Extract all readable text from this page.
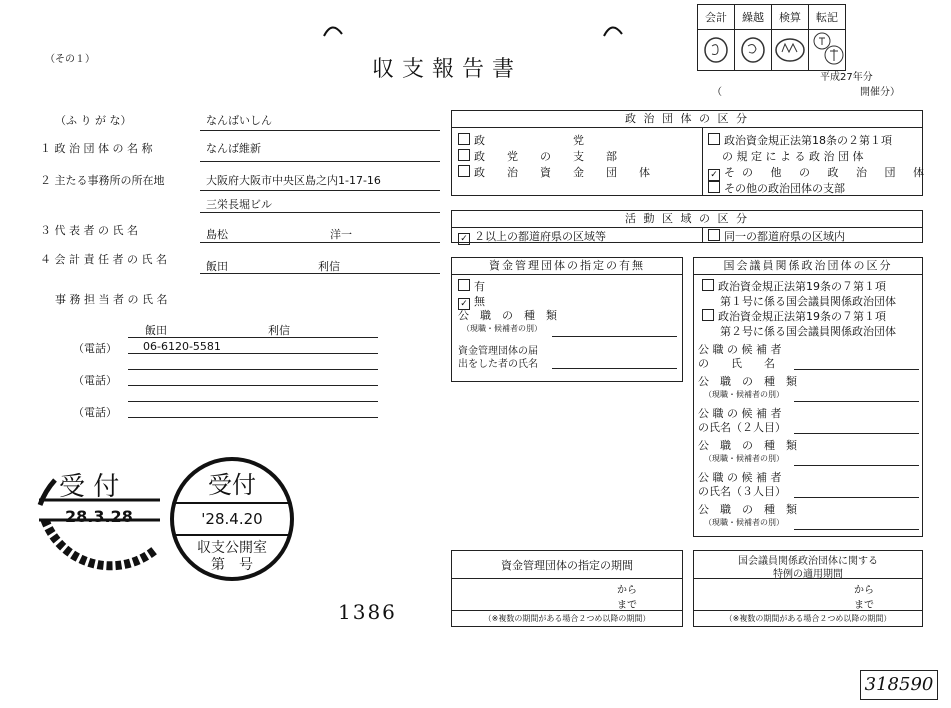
（その１）	収支報告書
会計	繰越	検算	転記

平成27年分
（	開催分）
（ふ り が な）	なんばいしん
１ 政 治 団 体 の 名 称	なんば維新
２ 主たる事務所の所在地	大阪府大阪市中央区島之内1-17-16
三栄長堀ビル
３ 代 表 者 の 氏 名	島松	洋一
４ 会 計 責 任 者 の 氏 名
飯田	利信
事 務 担 当 者 の 氏 名
飯田	利信
（電話） 06-6120-5581
（電話）
（電話）
政 治 団 体 の 区 分
政　　　　　　　　党
政　　党　　の　　支　　部
政　　治　　資　　金　　団　　体
政治資金規正法第18条の２第１項
の 規 定 に よ る 政 治 団 体
✓ その 他 の 政 治 団 体
その他の政治団体の支部
活 動 区 域 の 区 分
✓ ２以上の都道府県の区域等	同一の都道府県の区域内
資金管理団体の指定の有無
有
✓ 無
公　職　の　種　類
（現職・候補者の別）
資金管理団体の届
出をした者の氏名
国会議員関係政治団体の区分
政治資金規正法第19条の７第１項
第１号に係る国会議員関係政治団体
政治資金規正法第19条の７第１項
第２号に係る国会議員関係政治団体
公 職 の 候 補 者
の　　氏　　名
公　職　の　種　類
（現職・候補者の別）
公 職 の 候 補 者
の氏名（２人目）
公　職　の　種　類
（現職・候補者の別）
公 職 の 候 補 者
の氏名（３人目）
公　職　の　種　類
（現職・候補者の別）
資金管理団体の指定の期間
から
まで
（※複数の期間がある場合２つめ以降の期間）
国会議員関係政治団体に関する
特例の適用期間
から
まで
（※複数の期間がある場合２つめ以降の期間）
受 付
28.3.28
受付
'28.4.20
収支公開室
第　号
1386
318590
